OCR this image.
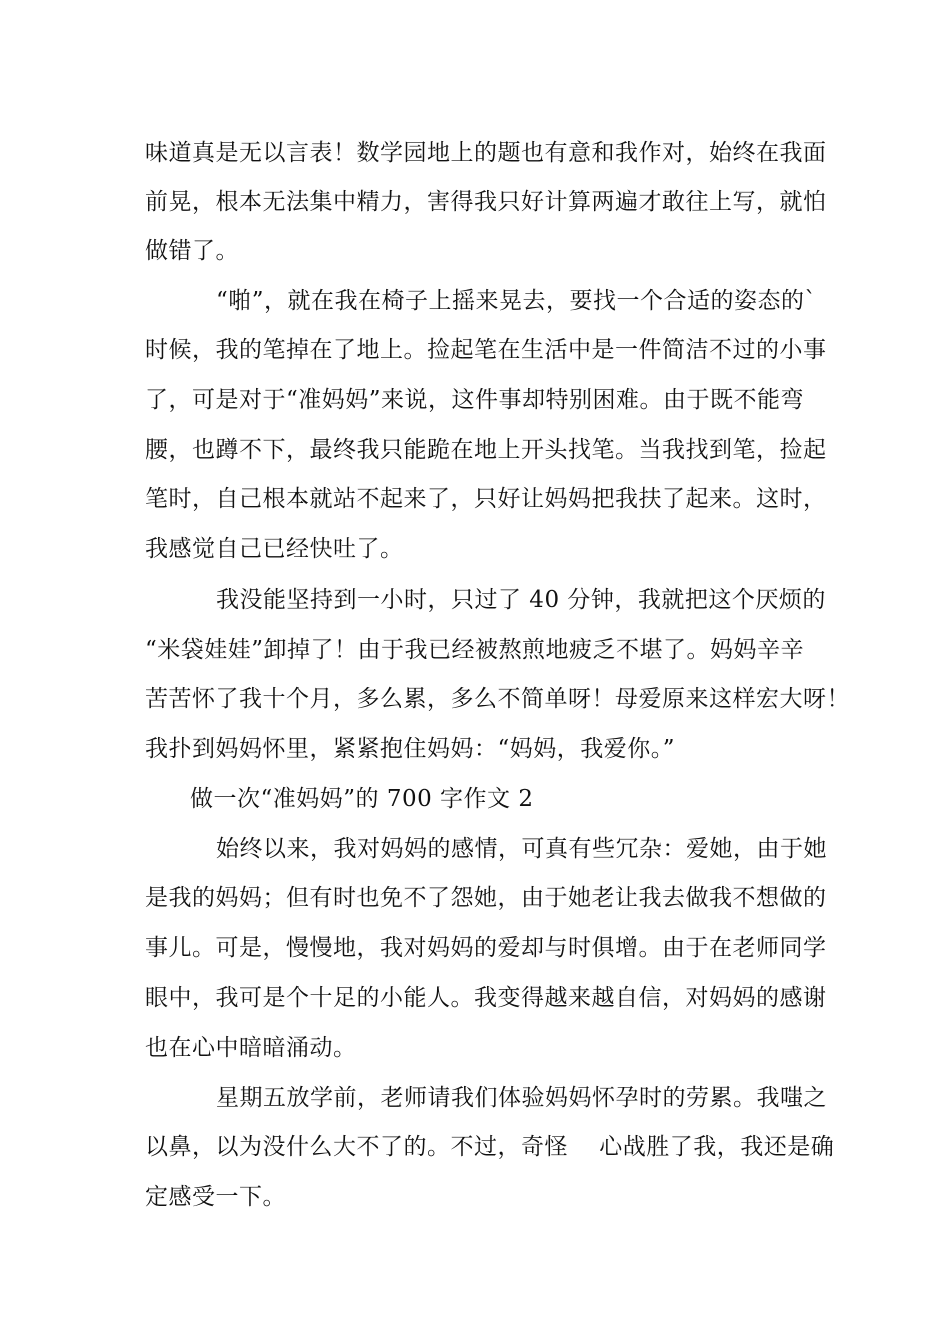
味道真是无以言表！数学园地上的题也有意和我作对，始终在我面
前晃，根本无法集中精力，害得我只好计算两遍才敢往上写，就怕
做错了。
“啪”，就在我在椅子上摇来晃去，要找一个合适的姿态的`
时候，我的笔掉在了地上。捡起笔在生活中是一件简洁不过的小事
了，可是对于“准妈妈”来说，这件事却特别困难。由于既不能弯
腰，也蹲不下，最终我只能跪在地上开头找笔。当我找到笔，捡起
笔时，自己根本就站不起来了，只好让妈妈把我扶了起来。这时，
我感觉自己已经快吐了。
我没能坚持到一小时，只过了 40 分钟，我就把这个厌烦的
“米袋娃娃”卸掉了！由于我已经被熬煎地疲乏不堪了。妈妈辛辛
苦苦怀了我十个月，多么累，多么不简单呀！母爱原来这样宏大呀！
我扑到妈妈怀里，紧紧抱住妈妈：“妈妈，我爱你。”
做一次“准妈妈”的 700 字作文 2
始终以来，我对妈妈的感情，可真有些冗杂：爱她，由于她
是我的妈妈；但有时也免不了怨她，由于她老让我去做我不想做的
事儿。可是，慢慢地，我对妈妈的爱却与时俱增。由于在老师同学
眼中，我可是个十足的小能人。我变得越来越自信，对妈妈的感谢
也在心中暗暗涌动。
星期五放学前，老师请我们体验妈妈怀孕时的劳累。我嗤之
以鼻，以为没什么大不了的。不过，奇怪　 心战胜了我，我还是确
定感受一下。
